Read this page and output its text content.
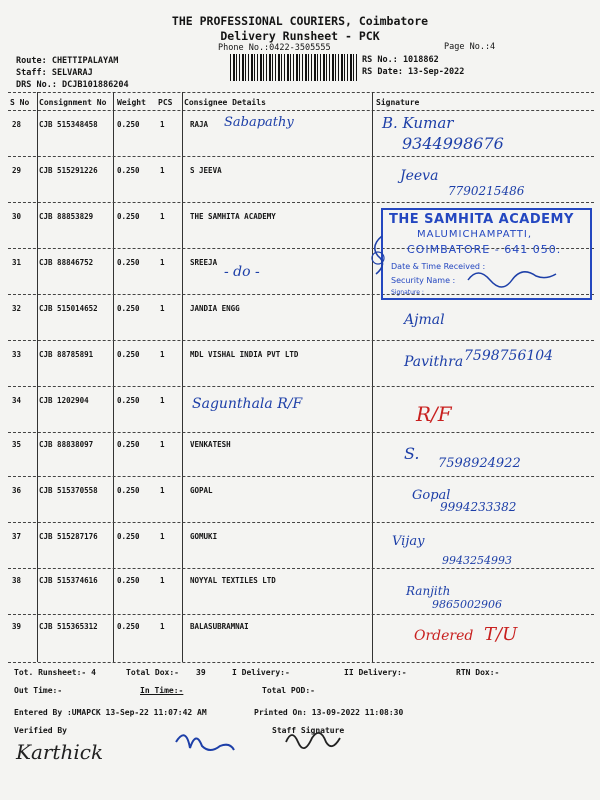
THE PROFESSIONAL COURIERS, Coimbatore
Delivery Runsheet - PCK
Phone No.:0422-3505555	Page No.:4
Route: CHETTIPALAYAM
Staff: SELVARAJ
DRS No.: DCJB101886204
RS No.: 1018862
RS Date: 13-Sep-2022
S No Consignment No Weight PCS Consignee Details	Signature
28 CJB 515348458	0.250	1	RAJA Sabapathy	B. Kumar
9344998676
29 CJB 515291226	0.250	1	S JEEVA	Jeeva
7790215486
30 CJB 88853829	0.250	1	THE SAMHITA ACADEMY
31 CJB 88846752	0.250	1	SREEJA
- do -
32 CJB 515014652	0.250	1	JANDIA ENGG
Ajmal
33 CJB 88785891	0.250	1	MDL VISHAL INDIA PVT LTD	Pavithra 7598756104
34 CJB 1202904	0.250	1 Sagunthala R/F	R/F
35 CJB 88838097	0.250	1	VENKATESH	S.
7598924922
36 CJB 515370558	0.250	1	GOPAL	Gopal
9994233382
37 CJB 515287176	0.250	1	GOMUKI	Vijay
9943254993
38 CJB 515374616	0.250	1	NOYYAL TEXTILES LTD
Ranjith
9865002906
39 CJB 515365312	0.250	1	BALASUBRAMNAI
Ordered T/U
THE SAMHITA ACADEMY
MALUMICHAMPATTI,
COIMBATORE - 641 050.
Date & Time Received :
Security Name :
Signature :
Tot. Runsheet:- 4	Total Dox:- 39	I Delivery:-	II Delivery:-	RTN Dox:-
Out Time:-	In Time:-	Total POD:-
Entered By :UMAPCK 13-Sep-22 11:07:42 AM	Printed On: 13-09-2022 11:08:30
Verified By	Staff Signature
Karthick
